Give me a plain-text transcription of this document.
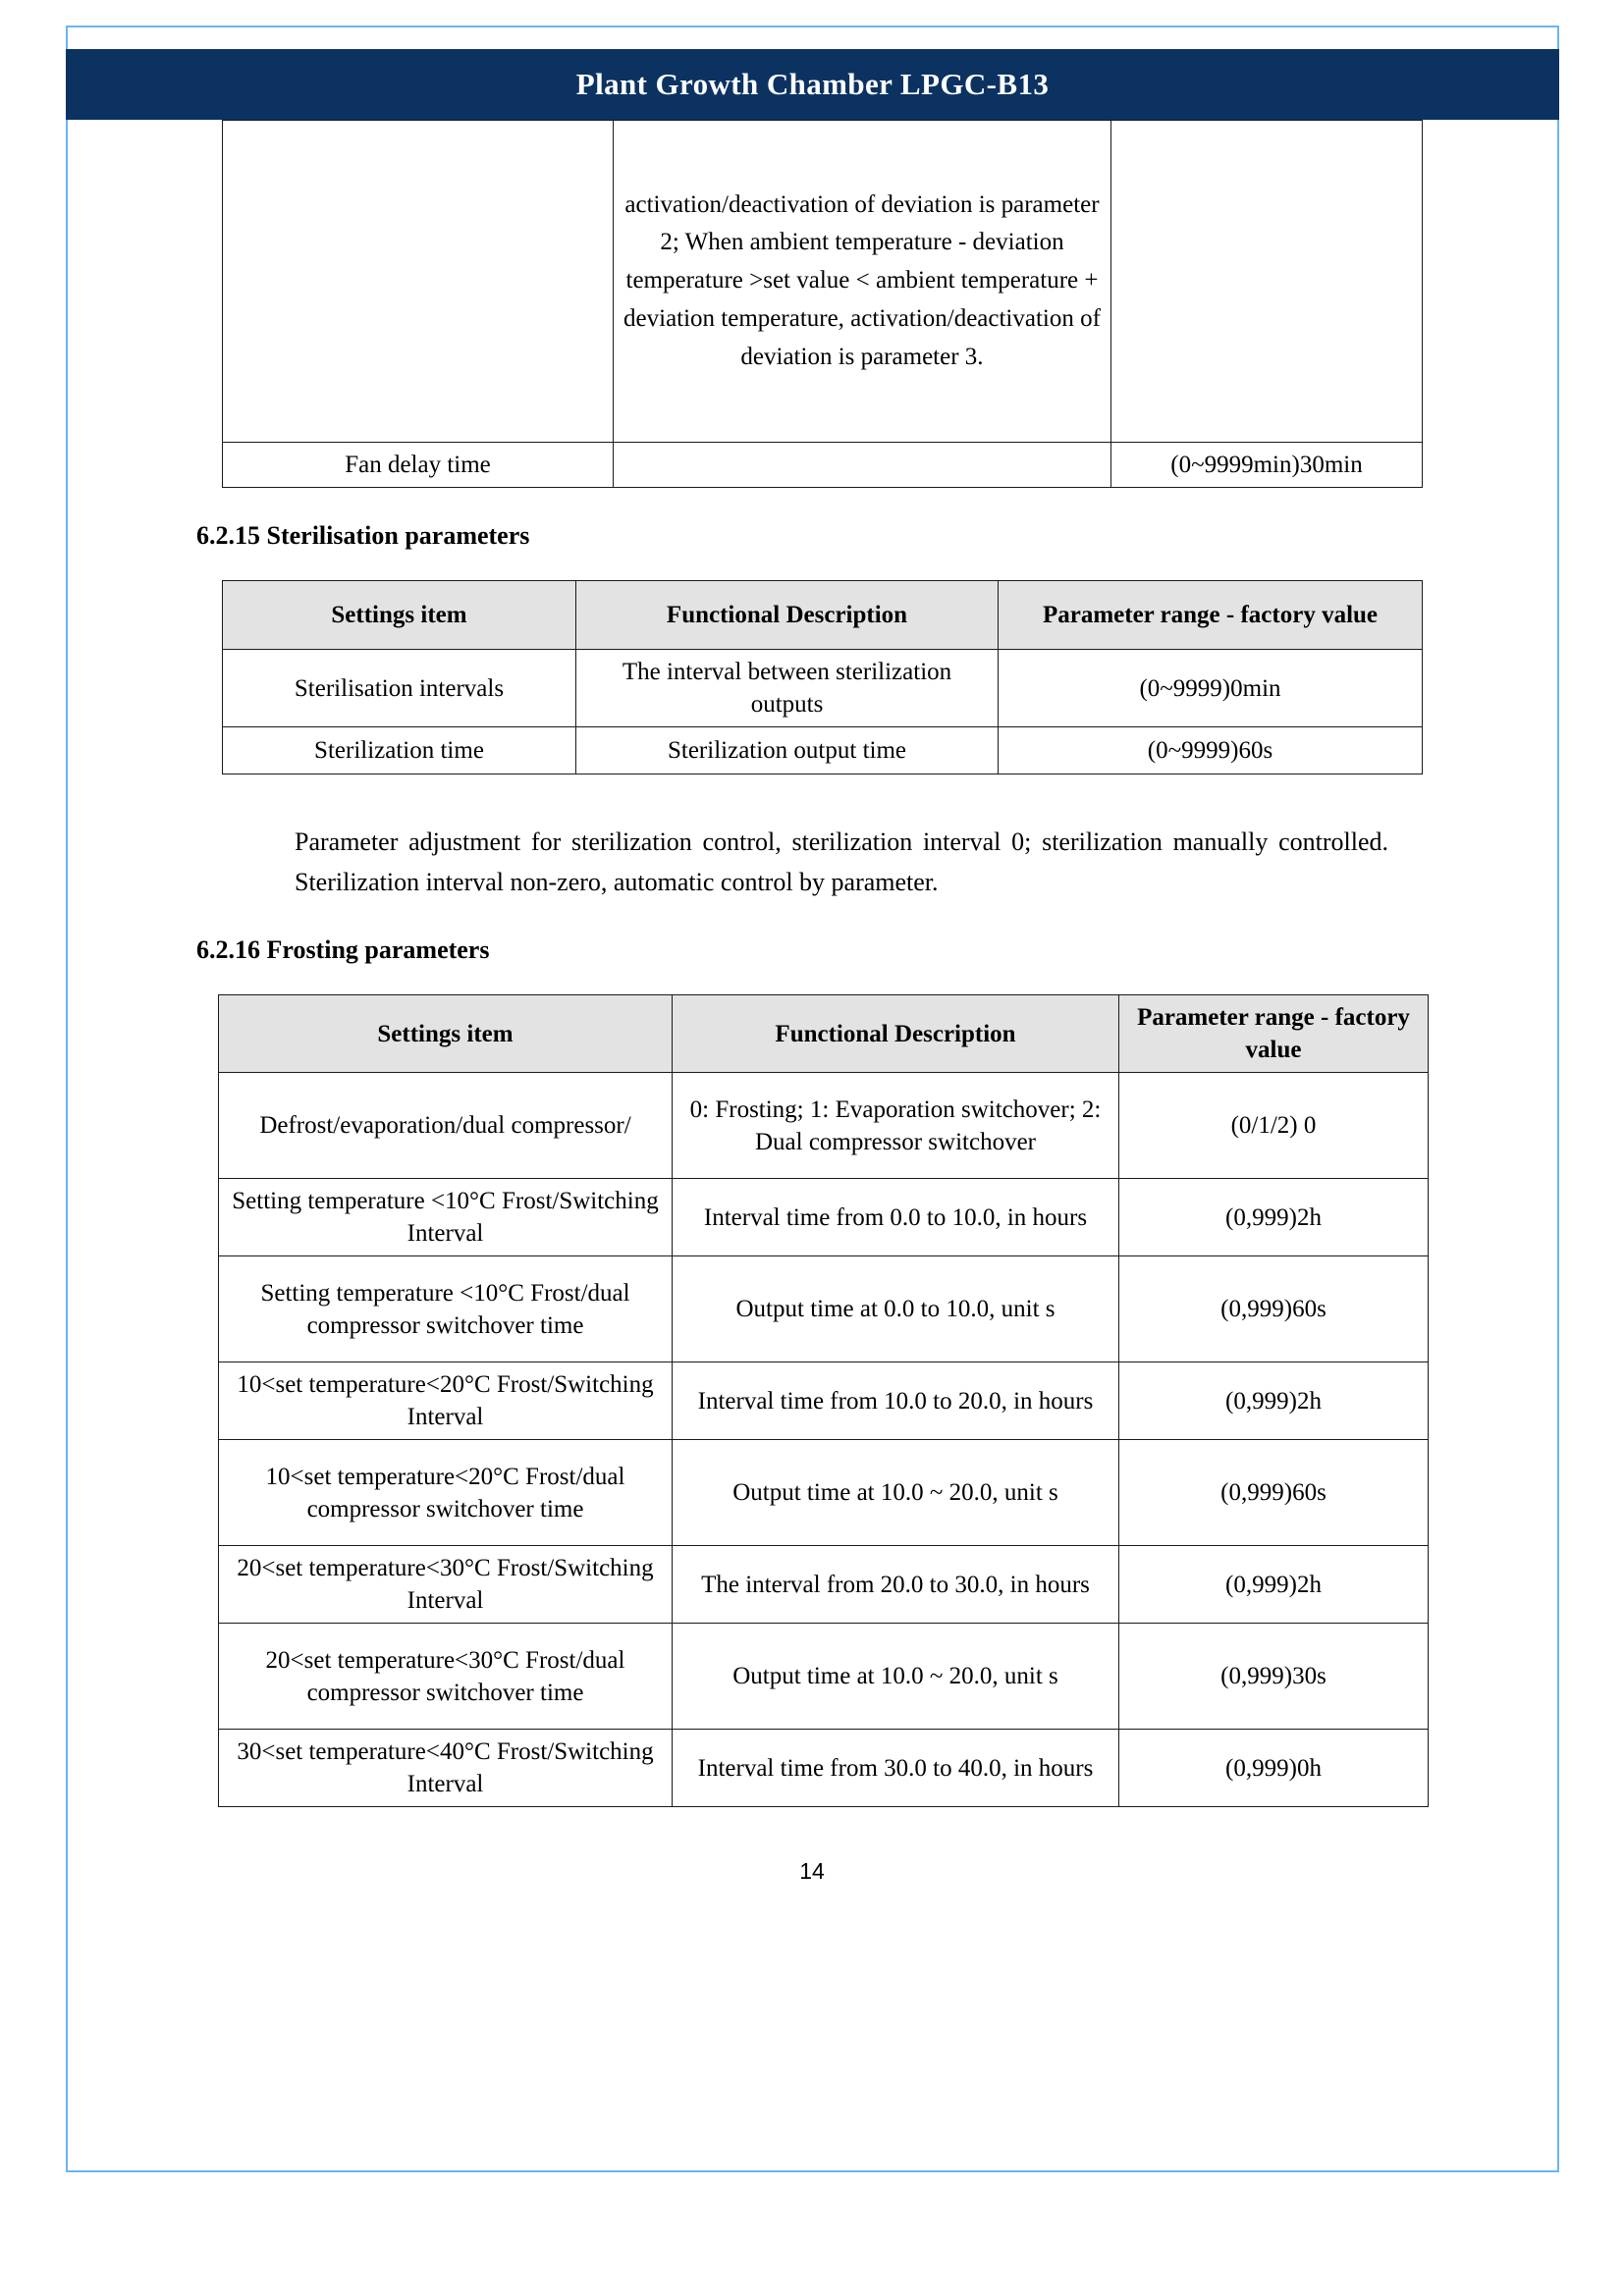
Plant Growth Chamber LPGC-B13
	activation/deactivation of deviation is parameter 2; When ambient temperature - deviation temperature >set value < ambient temperature + deviation temperature, activation/deactivation of deviation is parameter 3.	
Fan delay time		(0~9999min)30min
6.2.15 Sterilisation parameters
Settings item	Functional Description	Parameter range - factory value
Sterilisation intervals	The interval between sterilization outputs	(0~9999)0min
Sterilization time	Sterilization output time	(0~9999)60s

Parameter adjustment for sterilization control, sterilization interval 0; sterilization manually controlled. Sterilization interval non-zero, automatic control by parameter.

6.2.16 Frosting parameters
Settings item	Functional Description	Parameter range - factory value
Defrost/evaporation/dual compressor/	0: Frosting; 1: Evaporation switchover; 2: Dual compressor switchover	(0/1/2) 0
Setting temperature <10°C Frost/Switching Interval	Interval time from 0.0 to 10.0, in hours	(0,999)2h
Setting temperature <10°C Frost/dual compressor switchover time	Output time at 0.0 to 10.0, unit s	(0,999)60s
10<set temperature<20°C Frost/Switching Interval	Interval time from 10.0 to 20.0, in hours	(0,999)2h
10<set temperature<20°C Frost/dual compressor switchover time	Output time at 10.0 ~ 20.0, unit s	(0,999)60s
20<set temperature<30°C Frost/Switching Interval	The interval from 20.0 to 30.0, in hours	(0,999)2h
20<set temperature<30°C Frost/dual compressor switchover time	Output time at 10.0 ~ 20.0, unit s	(0,999)30s
30<set temperature<40°C Frost/Switching Interval	Interval time from 30.0 to 40.0, in hours	(0,999)0h
14
